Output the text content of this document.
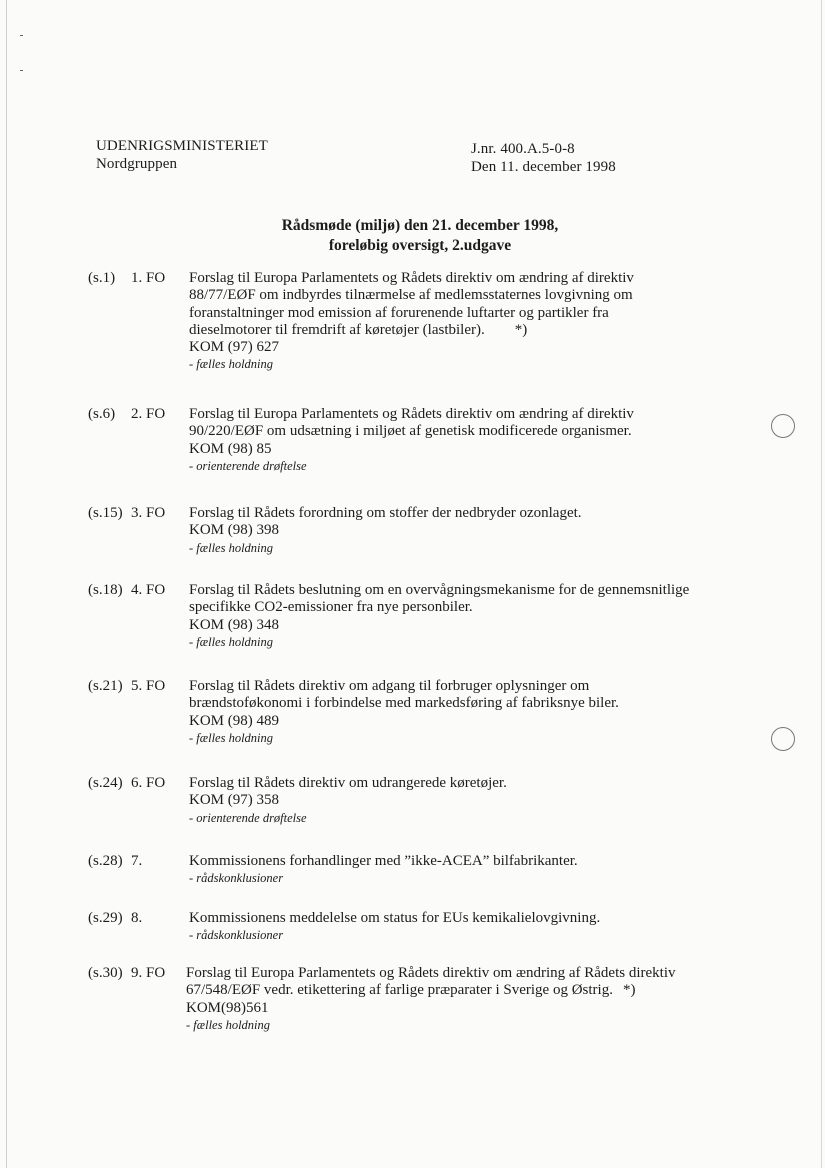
UDENRIGSMINISTERIET
Nordgruppen
J.nr. 400.A.5-0-8
Den 11. december 1998
Rådsmøde (miljø) den 21. december 1998,
foreløbig oversigt, 2.udgave
(s.1) 1. FO Forslag til Europa Parlamentets og Rådets direktiv om ændring af direktiv

88/77/EØF om indbyrdes tilnærmelse af medlemsstaternes lovgivning om

foranstaltninger mod emission af forurenende luftarter og partikler fra

dieselmotorer til fremdrift af køretøjer (lastbiler). *)

KOM (97) 627

- fælles holdning

(s.6) 2. FO Forslag til Europa Parlamentets og Rådets direktiv om ændring af direktiv

90/220/EØF om udsætning i miljøet af genetisk modificerede organismer.

KOM (98) 85

- orienterende drøftelse

(s.15) 3. FO Forslag til Rådets forordning om stoffer der nedbryder ozonlaget.

KOM (98) 398

- fælles holdning

(s.18) 4. FO Forslag til Rådets beslutning om en overvågningsmekanisme for de gennemsnitlige

specifikke CO2-emissioner fra nye personbiler.

KOM (98) 348

- fælles holdning

(s.21) 5. FO Forslag til Rådets direktiv om adgang til forbruger oplysninger om

brændstoføkonomi i forbindelse med markedsføring af fabriksnye biler.

KOM (98) 489

- fælles holdning

(s.24) 6. FO Forslag til Rådets direktiv om udrangerede køretøjer.

KOM (97) 358

- orienterende drøftelse

(s.28) 7.	Kommissionens forhandlinger med ”ikke-ACEA” bilfabrikanter.

- rådskonklusioner

(s.29) 8.	Kommissionens meddelelse om status for EUs kemikalielovgivning.

- rådskonklusioner

(s.30) 9. FO Forslag til Europa Parlamentets og Rådets direktiv om ændring af Rådets direktiv

67/548/EØF vedr. etikettering af farlige præparater i Sverige og Østrig. *)

KOM(98)561

- fælles holdning
